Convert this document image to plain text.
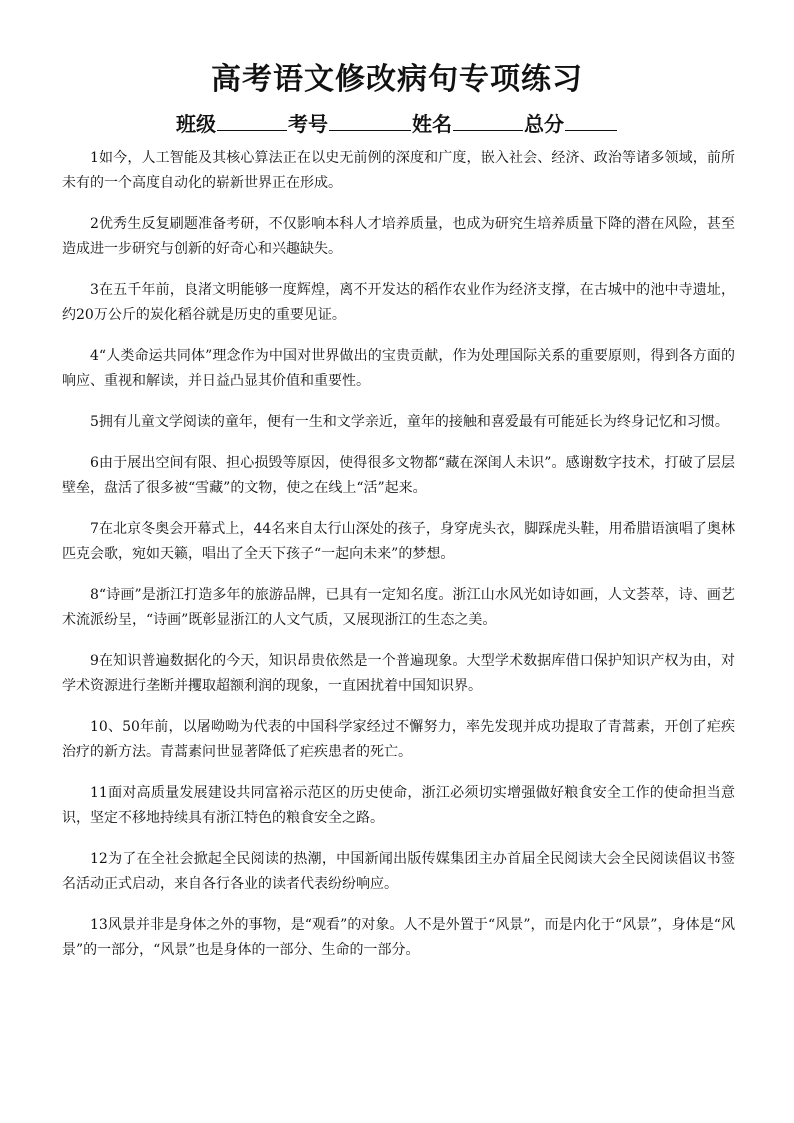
高考语文修改病句专项练习
班级	考号	姓名	总分

1如今，人工智能及其核心算法正在以史无前例的深度和广度，嵌入社会、经济、政治等诸多领域，前所未有的一个高度自动化的崭新世界正在形成。

2优秀生反复刷题准备考研，不仅影响本科人才培养质量，也成为研究生培养质量下降的潜在风险，甚至造成进一步研究与创新的好奇心和兴趣缺失。

3在五千年前，良渚文明能够一度辉煌，离不开发达的稻作农业作为经济支撑，在古城中的池中寺遗址，约20万公斤的炭化稻谷就是历史的重要见证。

4“人类命运共同体”理念作为中国对世界做出的宝贵贡献，作为处理国际关系的重要原则，得到各方面的响应、重视和解读，并日益凸显其价值和重要性。

5拥有儿童文学阅读的童年，便有一生和文学亲近，童年的接触和喜爱最有可能延长为终身记忆和习惯。

6由于展出空间有限、担心损毁等原因，使得很多文物都“藏在深闺人未识”。感谢数字技术，打破了层层壁垒，盘活了很多被“雪藏”的文物，使之在线上“活”起来。

7在北京冬奥会开幕式上，44名来自太行山深处的孩子，身穿虎头衣，脚踩虎头鞋，用希腊语演唱了奥林匹克会歌，宛如天籁，唱出了全天下孩子“一起向未来”的梦想。

8“诗画”是浙江打造多年的旅游品牌，已具有一定知名度。浙江山水风光如诗如画，人文荟萃，诗、画艺术流派纷呈，“诗画”既彰显浙江的人文气质，又展现浙江的生态之美。

9在知识普遍数据化的今天，知识昂贵依然是一个普遍现象。大型学术数据库借口保护知识产权为由，对学术资源进行垄断并攫取超额利润的现象，一直困扰着中国知识界。

10、50年前，以屠呦呦为代表的中国科学家经过不懈努力，率先发现并成功提取了青蒿素，开创了疟疾治疗的新方法。青蒿素问世显著降低了疟疾患者的死亡。

11面对高质量发展建设共同富裕示范区的历史使命，浙江必须切实增强做好粮食安全工作的使命担当意识，坚定不移地持续具有浙江特色的粮食安全之路。

12为了在全社会掀起全民阅读的热潮，中国新闻出版传媒集团主办首届全民阅读大会全民阅读倡议书签名活动正式启动，来自各行各业的读者代表纷纷响应。

13风景并非是身体之外的事物，是“观看”的对象。人不是外置于“风景”，而是内化于“风景”，身体是“风景”的一部分，“风景”也是身体的一部分、生命的一部分。
